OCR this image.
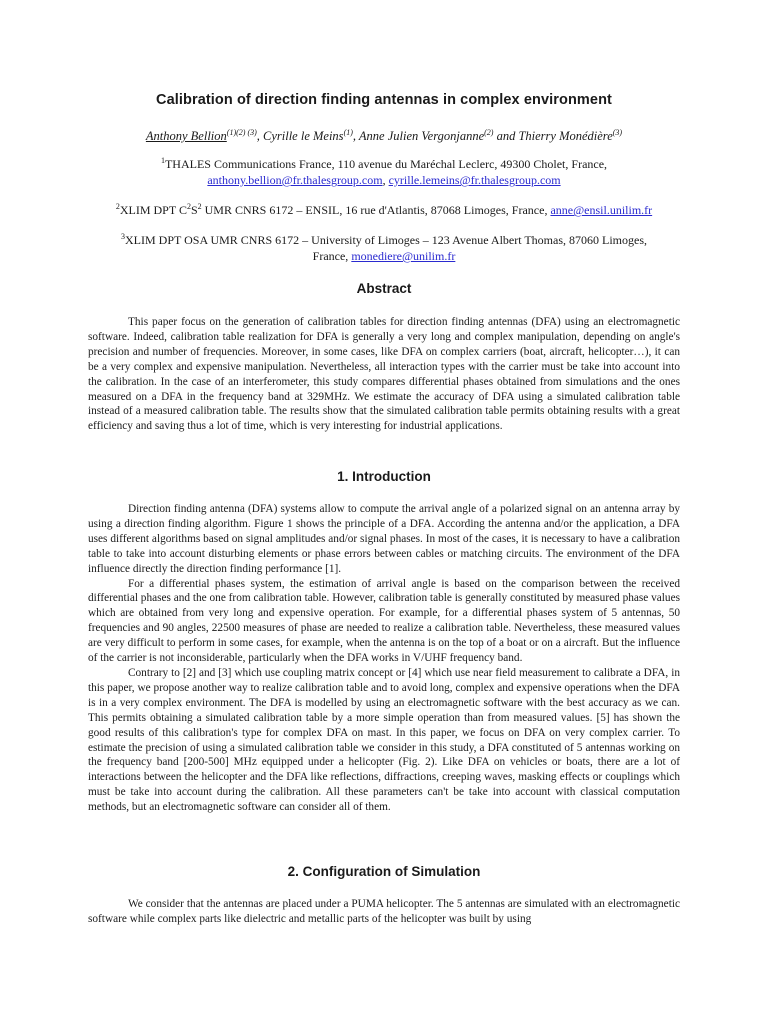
Calibration of direction finding antennas in complex environment
Anthony Bellion$^{(1)(2) (3)}$, Cyrille le Meins$^{(1)}$, Anne Julien Vergonjanne$^{(2)}$ and Thierry Monédière$^{(3)}$
$^1$THALES Communications France, 110 avenue du Maréchal Leclerc, 49300 Cholet, France,
anthony.bellion@fr.thalesgroup.com, cyrille.lemeins@fr.thalesgroup.com
$^2$XLIM DPT $C^2S^2$ UMR CNRS 6172 – ENSIL, 16 rue d'Atlantis, 87068 Limoges, France, anne@ensil.unilim.fr
$^3$XLIM DPT OSA UMR CNRS 6172 – University of Limoges – 123 Avenue Albert Thomas, 87060 Limoges,
France, monediere@unilim.fr
Abstract

This paper focus on the generation of calibration tables for direction finding antennas (DFA) using an electromagnetic software. Indeed, calibration table realization for DFA is generally a very long and complex manipulation, depending on angle's precision and number of frequencies. Moreover, in some cases, like DFA on complex carriers (boat, aircraft, helicopter…), it can be a very complex and expensive manipulation. Nevertheless, all interaction types with the carrier must be take into account into the calibration. In the case of an interferometer, this study compares differential phases obtained from simulations and the ones measured on a DFA in the frequency band at 329MHz. We estimate the accuracy of DFA using a simulated calibration table instead of a measured calibration table. The results show that the simulated calibration table permits obtaining results with a great efficiency and saving thus a lot of time, which is very interesting for industrial applications.

1. Introduction

Direction finding antenna (DFA) systems allow to compute the arrival angle of a polarized signal on an antenna array by using a direction finding algorithm. Figure 1 shows the principle of a DFA. According the antenna and/or the application, a DFA uses different algorithms based on signal amplitudes and/or signal phases. In most of the cases, it is necessary to have a calibration table to take into account disturbing elements or phase errors between cables or matching circuits. The environment of the DFA influence directly the direction finding performance [1].

For a differential phases system, the estimation of arrival angle is based on the comparison between the received differential phases and the one from calibration table. However, calibration table is generally constituted by measured phase values which are obtained from very long and expensive operation. For example, for a differential phases system of 5 antennas, 50 frequencies and 90 angles, 22500 measures of phase are needed to realize a calibration table. Nevertheless, these measured values are very difficult to perform in some cases, for example, when the antenna is on the top of a boat or on a aircraft. But the influence of the carrier is not inconsiderable, particularly when the DFA works in V/UHF frequency band.

Contrary to [2] and [3] which use coupling matrix concept or [4] which use near field measurement to calibrate a DFA, in this paper, we propose another way to realize calibration table and to avoid long, complex and expensive operations when the DFA is in a very complex environment. The DFA is modelled by using an electromagnetic software with the best accuracy as we can. This permits obtaining a simulated calibration table by a more simple operation than from measured values. [5] has shown the good results of this calibration's type for complex DFA on mast. In this paper, we focus on DFA on very complex carrier. To estimate the precision of using a simulated calibration table we consider in this study, a DFA constituted of 5 antennas working on the frequency band [200-500] MHz equipped under a helicopter (Fig. 2). Like DFA on vehicles or boats, there are a lot of interactions between the helicopter and the DFA like reflections, diffractions, creeping waves, masking effects or couplings which must be take into account during the calibration. All these parameters can't be take into account with classical computation methods, but an electromagnetic software can consider all of them.

2. Configuration of Simulation

We consider that the antennas are placed under a PUMA helicopter. The 5 antennas are simulated with an electromagnetic software while complex parts like dielectric and metallic parts of the helicopter was built by using
